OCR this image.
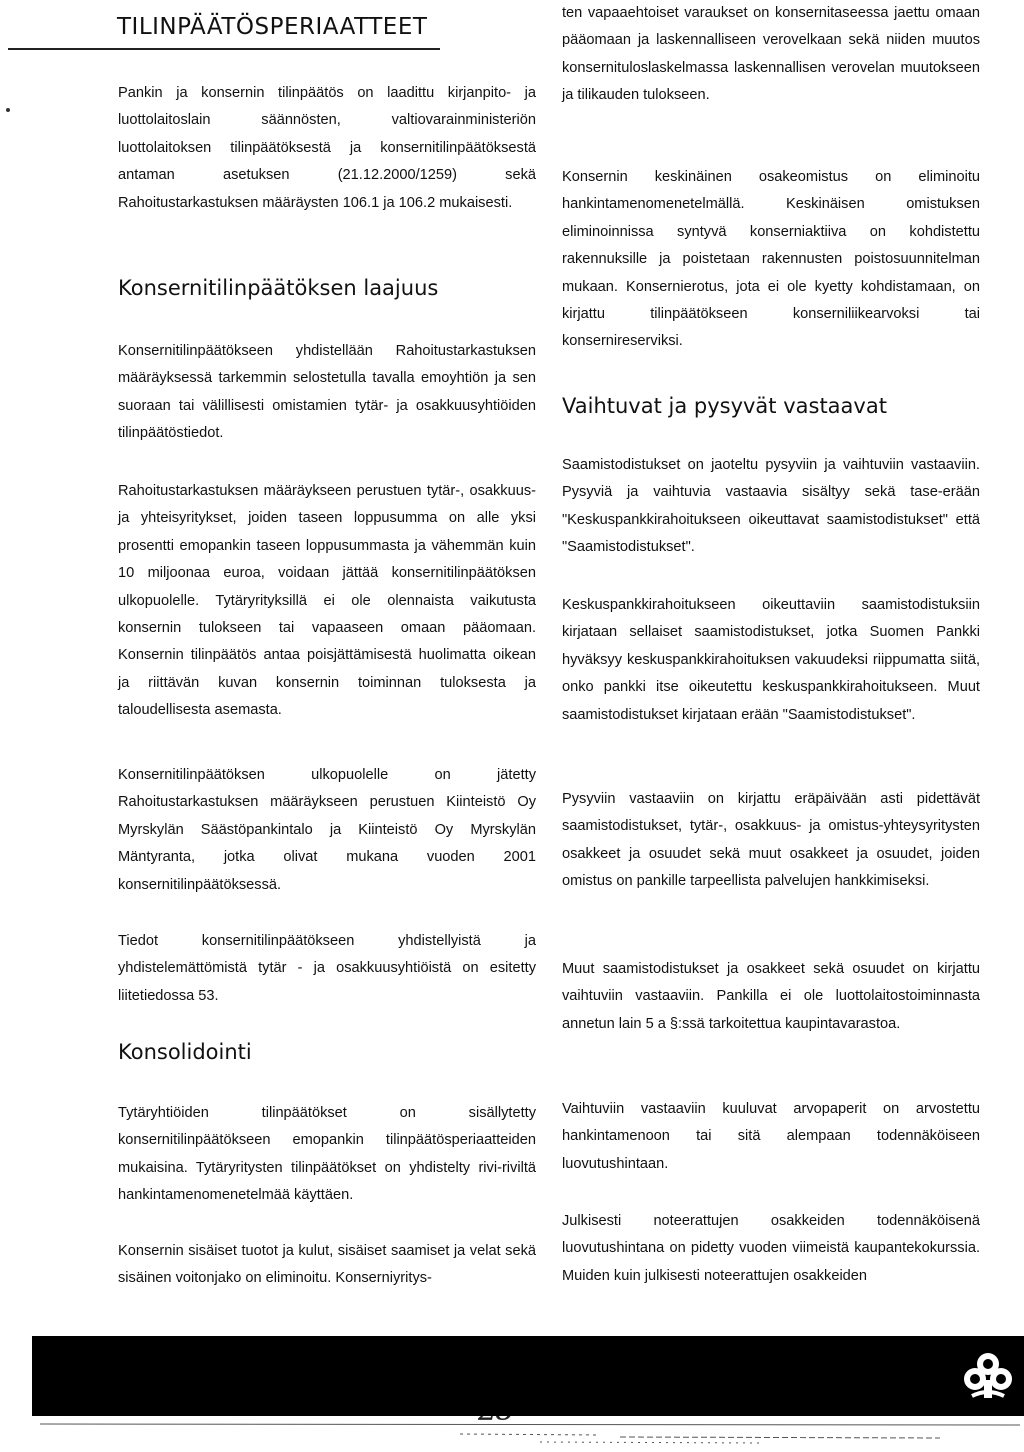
TILINPÄÄTÖSPERIAATTEET

Pankin ja konsernin tilinpäätös on laadittu kirjanpito- ja luottolaitoslain säännösten, valtiovarainministeriön luottolaitoksen tilinpäätöksestä ja konsernitilinpäätöksestä antaman asetuksen (21.12.2000/1259) sekä Rahoitustarkastuksen määräysten 106.1 ja 106.2 mukaisesti.

Konsernitilinpäätöksen laajuus

Konsernitilinpäätökseen yhdistellään Rahoitustarkastuksen määräyksessä tarkemmin selostetulla tavalla emoyhtiön ja sen suoraan tai välillisesti omistamien tytär- ja osakkuusyhtiöiden tilinpäätöstiedot.

Rahoitustarkastuksen määräykseen perustuen tytär-, osakkuus- ja yhteisyritykset, joiden taseen loppusumma on alle yksi prosentti emopankin taseen loppusummasta ja vähemmän kuin 10 miljoonaa euroa, voidaan jättää konsernitilinpäätöksen ulkopuolelle. Tytäryrityksillä ei ole olennaista vaikutusta konsernin tulokseen tai vapaaseen omaan pääomaan. Konsernin tilinpäätös antaa poisjättämisestä huolimatta oikean ja riittävän kuvan konsernin toiminnan tuloksesta ja taloudellisesta asemasta.

Konsernitilinpäätöksen ulkopuolelle on jätetty Rahoitustarkastuksen määräykseen perustuen Kiinteistö Oy Myrskylän Säästöpankintalo ja Kiinteistö Oy Myrskylän Mäntyranta, jotka olivat mukana vuoden 2001 konsernitilinpäätöksessä.

Tiedot konsernitilinpäätökseen yhdistellyistä ja yhdistelemättömistä tytär - ja osakkuusyhtiöistä on esitetty liitetiedossa 53.

Konsolidointi

Tytäryhtiöiden tilinpäätökset on sisällytetty konsernitilinpäätökseen emopankin tilinpäätösperiaatteiden mukaisina. Tytäryritysten tilinpäätökset on yhdistelty rivi-riviltä hankintamenomenetelmää käyttäen.

Konsernin sisäiset tuotot ja kulut, sisäiset saamiset ja velat sekä sisäinen voitonjako on eliminoitu. Konserniyritys-

ten vapaaehtoiset varaukset on konsernitaseessa jaettu omaan pääomaan ja laskennalliseen verovelkaan sekä niiden muutos konsernituloslaskelmassa laskennallisen verovelan muutokseen ja tilikauden tulokseen.

Konsernin keskinäinen osakeomistus on eliminoitu hankintamenomenetelmällä. Keskinäisen omistuksen eliminoinnissa syntyvä konserniaktiiva on kohdistettu rakennuksille ja poistetaan rakennusten poistosuunnitelman mukaan. Konsernierotus, jota ei ole kyetty kohdistamaan, on kirjattu tilinpäätökseen konserniliikearvoksi tai konsernireserviksi.

Vaihtuvat ja pysyvät vastaavat

Saamistodistukset on jaoteltu pysyviin ja vaihtuviin vastaaviin. Pysyviä ja vaihtuvia vastaavia sisältyy sekä tase-erään "Keskuspankkirahoitukseen oikeuttavat saamistodistukset" että "Saamistodistukset".

Keskuspankkirahoitukseen oikeuttaviin saamistodistuksiin kirjataan sellaiset saamistodistukset, jotka Suomen Pankki hyväksyy keskuspankkirahoituksen vakuudeksi riippumatta siitä, onko pankki itse oikeutettu keskuspankkirahoitukseen. Muut saamistodistukset kirjataan erään "Saamistodistukset".

Pysyviin vastaaviin on kirjattu eräpäivään asti pidettävät saamistodistukset, tytär-, osakkuus- ja omistus-yhteysyritysten osakkeet ja osuudet sekä muut osakkeet ja osuudet, joiden omistus on pankille tarpeellista palvelujen hankkimiseksi.

Muut saamistodistukset ja osakkeet sekä osuudet on kirjattu vaihtuviin vastaaviin. Pankilla ei ole luottolaitostoiminnasta annetun lain 5 a §:ssä tarkoitettua kaupintavarastoa.

Vaihtuviin vastaaviin kuuluvat arvopaperit on arvostettu hankintamenoon tai sitä alempaan todennäköiseen luovutushintaan.

Julkisesti noteerattujen osakkeiden todennäköisenä luovutushintana on pidetty vuoden viimeistä kaupantekokurssia. Muiden kuin julkisesti noteerattujen osakkeiden
